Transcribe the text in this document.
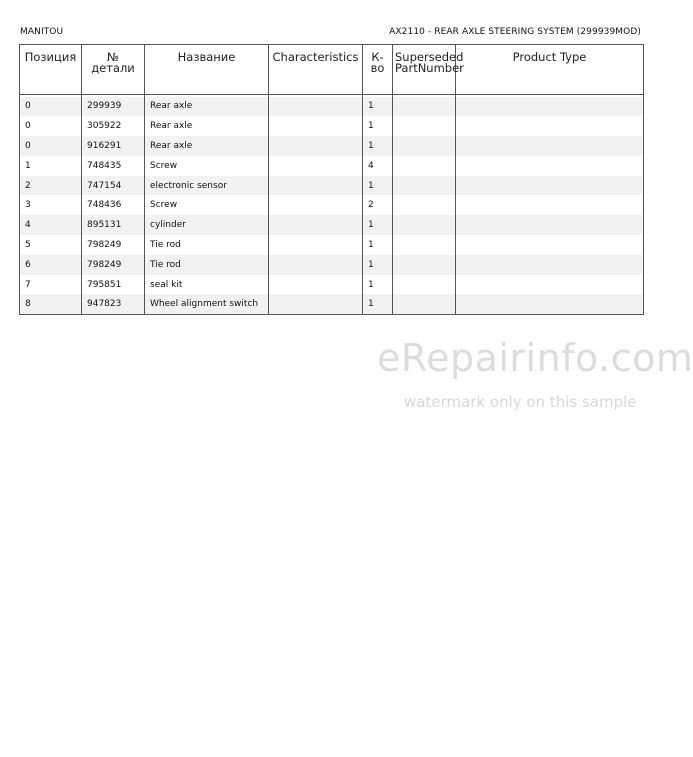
MANITOU	AX2110 - REAR AXLE STEERING SYSTEM (299939MOD)
Позиция	№ детали	Название	Characteristics	К-во	Superseded PartNumber	Product Type

0	299939	Rear axle		1		
0	305922	Rear axle		1		
0	916291	Rear axle		1		
1	748435	Screw		4		
2	747154	electronic sensor		1		
3	748436	Screw		2		
4	895131	cylinder		1		
5	798249	Tie rod		1		
6	798249	Tie rod		1		
7	795851	seal kit		1		
8	947823	Wheel alignment switch		1		
eRepairinfo.com
watermark only on this sample
